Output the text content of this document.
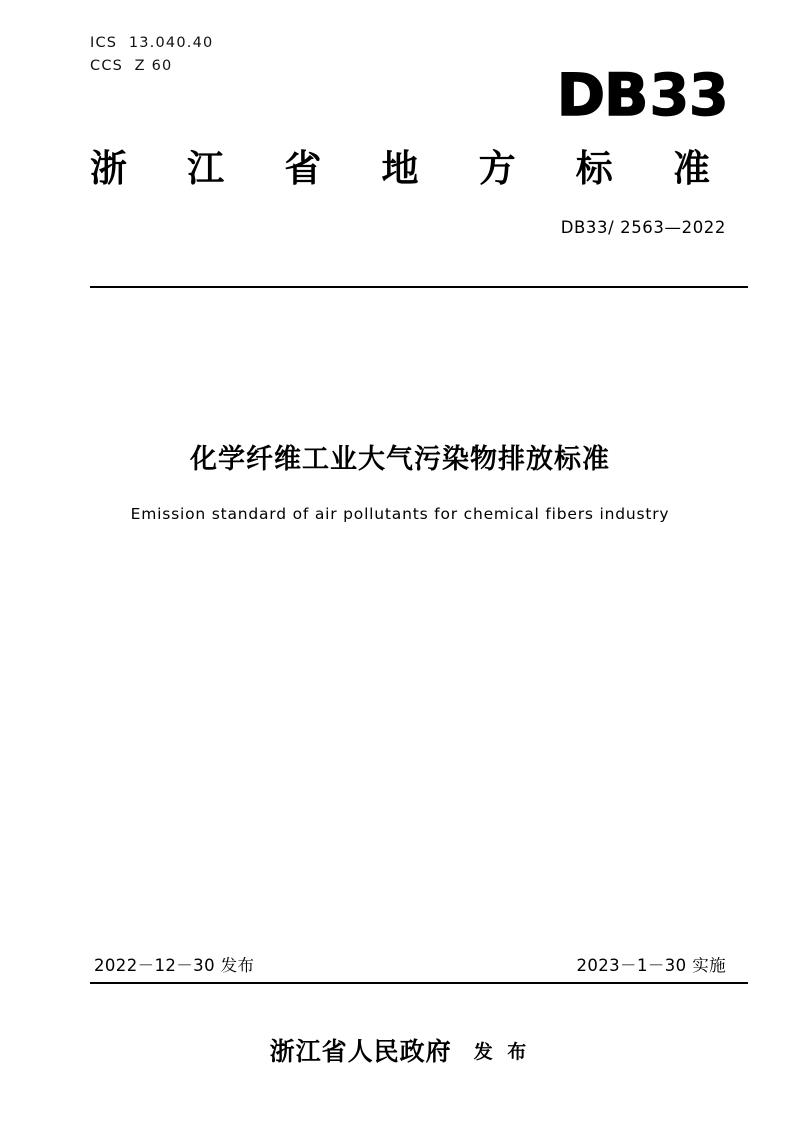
ICS  13.040.40
CCS  Z 60	DB33
浙 江 省 地 方 标 准
DB33/ 2563—2022
化学纤维工业大气污染物排放标准
Emission standard of air pollutants for chemical fibers industry
2022－12－30 发布	2023－1－30 实施
浙江省人民政府 发 布
